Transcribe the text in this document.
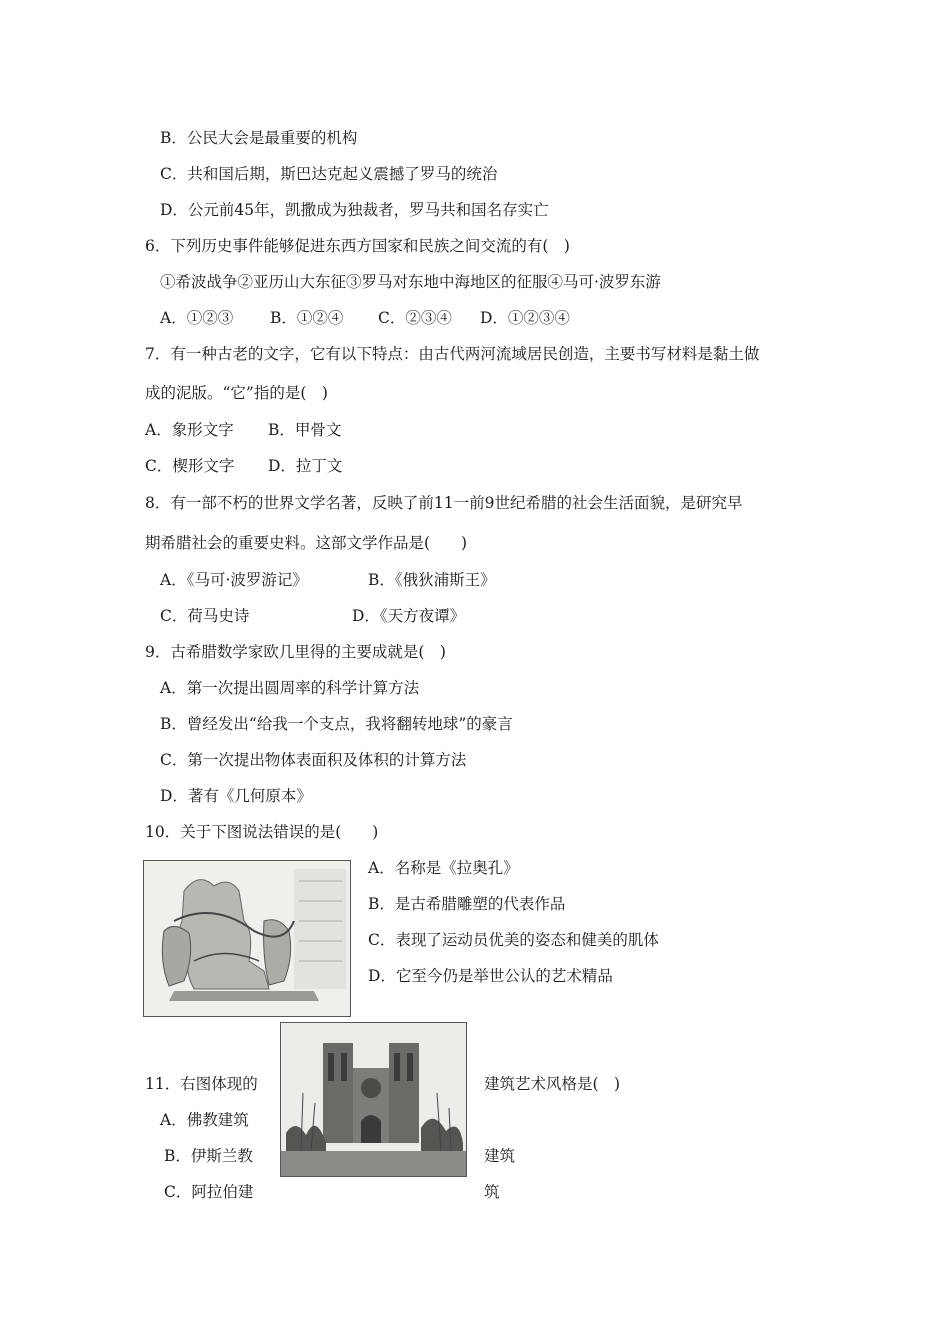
B．公民大会是最重要的机构
C．共和国后期，斯巴达克起义震撼了罗马的统治
D．公元前45年，凯撒成为独裁者，罗马共和国名存实亡
6．下列历史事件能够促进东西方国家和民族之间交流的有(　)
①希波战争②亚历山大东征③罗马对东地中海地区的征服④马可·波罗东游
A．①②③ B．①②④ C．②③④ D．①②③④
7．有一种古老的文字，它有以下特点：由古代两河流域居民创造，主要书写材料是黏土做
成的泥版。“它”指的是(　)
A．象形文字 B．甲骨文
C．楔形文字 D．拉丁文
8．有一部不朽的世界文学名著，反映了前11一前9世纪希腊的社会生活面貌，是研究早
期希腊社会的重要史料。这部文学作品是(　　)
A．《马可·波罗游记》	B．《俄狄浦斯王》
C．荷马史诗	D．《天方夜谭》
9．古希腊数学家欧几里得的主要成就是(　)
A．第一次提出圆周率的科学计算方法
B．曾经发出“给我一个支点，我将翻转地球”的豪言
C．第一次提出物体表面积及体积的计算方法
D．著有《几何原本》
10．关于下图说法错误的是(　　)
A．名称是《拉奥孔》
B．是古希腊雕塑的代表作品
C．表现了运动员优美的姿态和健美的肌体
D．它至今仍是举世公认的艺术精品
11．右图体现的	建筑艺术风格是(　)
A．佛教建筑
B．伊斯兰教	建筑
C．阿拉伯建	筑
